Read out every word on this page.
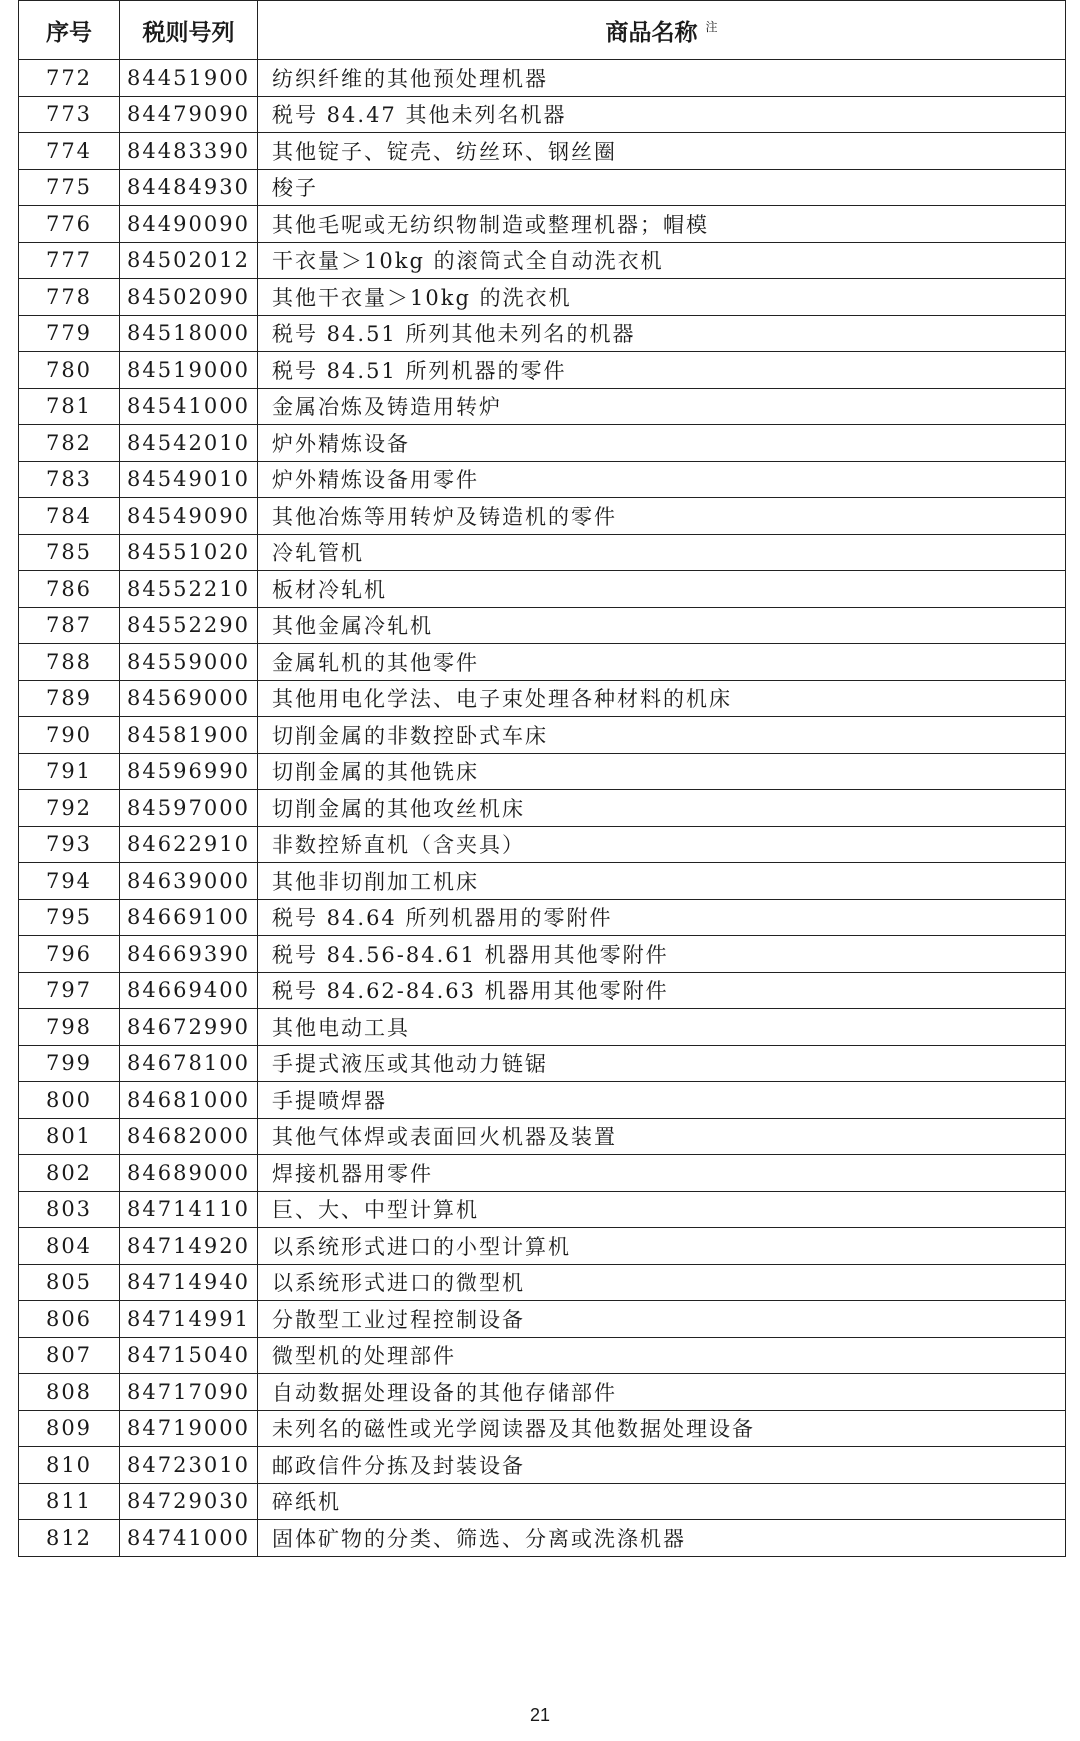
序号	税则号列	商品名称 $^注$
772	84451900	纺织纤维的其他预处理机器
773	84479090	税号 84.47 其他未列名机器
774	84483390	其他锭子、锭壳、纺丝环、钢丝圈
775	84484930	梭子
776	84490090	其他毛呢或无纺织物制造或整理机器；帽模
777	84502012	干衣量＞10kg 的滚筒式全自动洗衣机
778	84502090	其他干衣量＞10kg 的洗衣机
779	84518000	税号 84.51 所列其他未列名的机器
780	84519000	税号 84.51 所列机器的零件
781	84541000	金属冶炼及铸造用转炉
782	84542010	炉外精炼设备
783	84549010	炉外精炼设备用零件
784	84549090	其他冶炼等用转炉及铸造机的零件
785	84551020	冷轧管机
786	84552210	板材冷轧机
787	84552290	其他金属冷轧机
788	84559000	金属轧机的其他零件
789	84569000	其他用电化学法、电子束处理各种材料的机床
790	84581900	切削金属的非数控卧式车床
791	84596990	切削金属的其他铣床
792	84597000	切削金属的其他攻丝机床
793	84622910	非数控矫直机（含夹具）
794	84639000	其他非切削加工机床
795	84669100	税号 84.64 所列机器用的零附件
796	84669390	税号 84.56-84.61 机器用其他零附件
797	84669400	税号 84.62-84.63 机器用其他零附件
798	84672990	其他电动工具
799	84678100	手提式液压或其他动力链锯
800	84681000	手提喷焊器
801	84682000	其他气体焊或表面回火机器及装置
802	84689000	焊接机器用零件
803	84714110	巨、大、中型计算机
804	84714920	以系统形式进口的小型计算机
805	84714940	以系统形式进口的微型机
806	84714991	分散型工业过程控制设备
807	84715040	微型机的处理部件
808	84717090	自动数据处理设备的其他存储部件
809	84719000	未列名的磁性或光学阅读器及其他数据处理设备
810	84723010	邮政信件分拣及封装设备
811	84729030	碎纸机
812	84741000	固体矿物的分类、筛选、分离或洗涤机器
21
